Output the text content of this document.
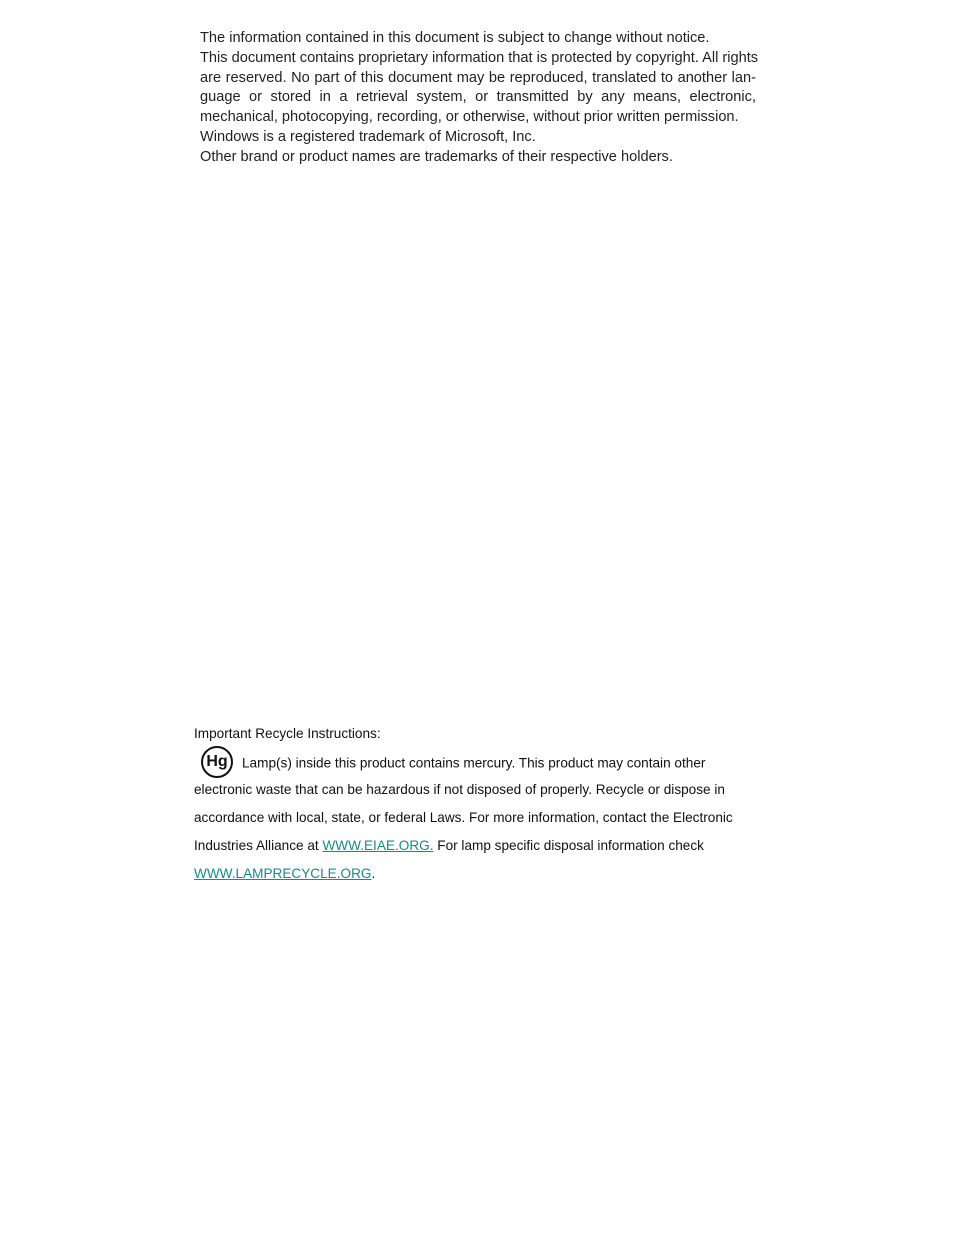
The information contained in this document is subject to change without notice.
This document contains proprietary information that is protected by copyright. All rights
are reserved. No part of this document may be reproduced, translated to another lan-
guage or stored in a retrieval system, or transmitted by any means, electronic,
mechanical, photocopying, recording, or otherwise, without prior written permission.
Windows is a registered trademark of Microsoft, Inc.
Other brand or product names are trademarks of their respective holders.

Important Recycle Instructions:

Hg Lamp(s) inside this product contains mercury. This product may contain other
electronic waste that can be hazardous if not disposed of properly. Recycle or dispose in
accordance with local, state, or federal Laws. For more information, contact the Electronic
Industries Alliance at WWW.EIAE.ORG. For lamp specific disposal information check
WWW.LAMPRECYCLE.ORG.
